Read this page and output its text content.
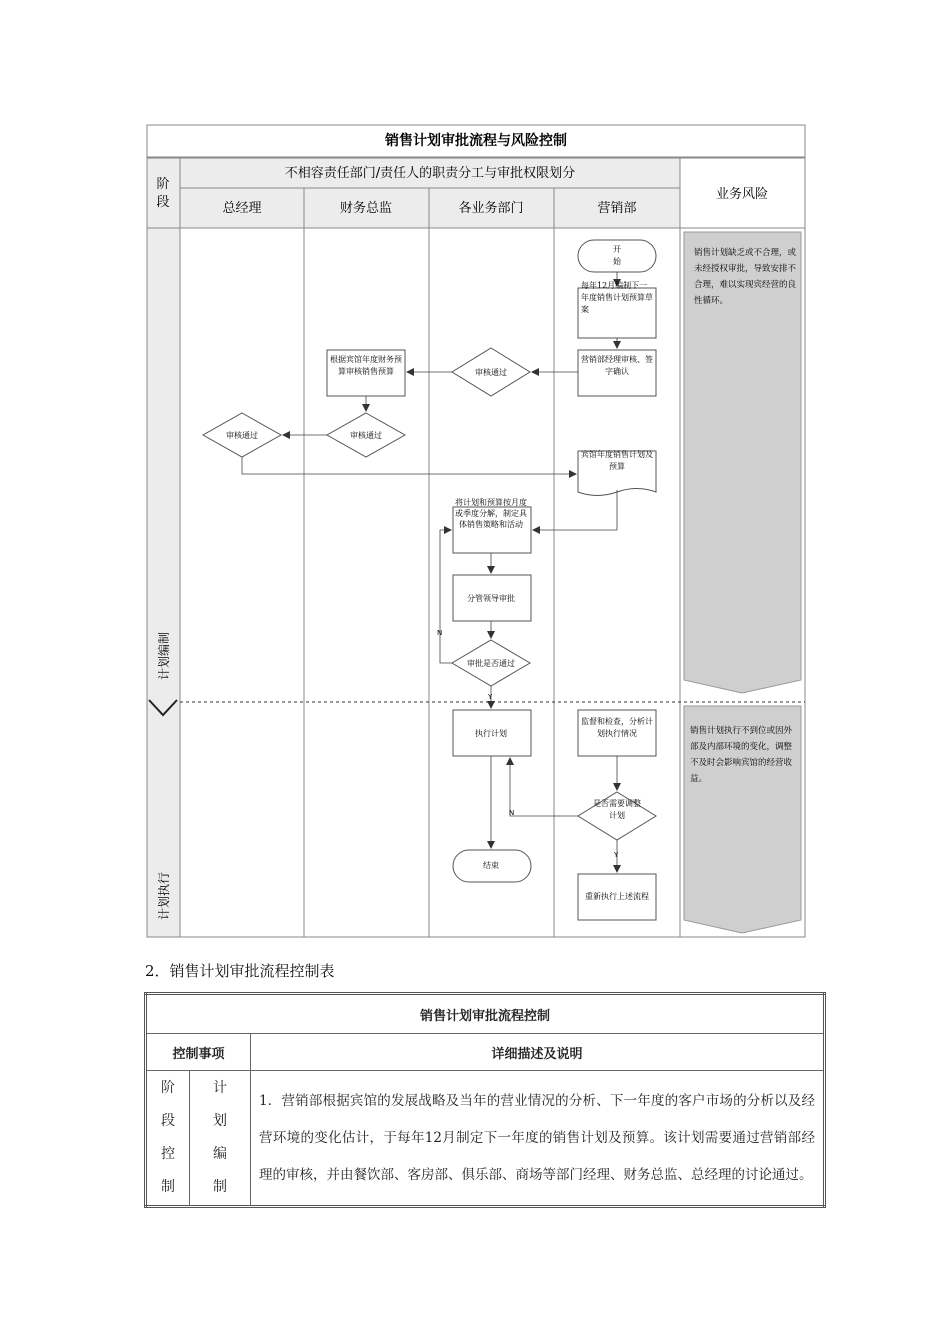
销售计划审批流程与风险控制
不相容责任部门/责任人的职责分工与审批权限划分
业务风险
阶
段	总经理	财务总监	各业务部门	营销部
计划编制
计划执行
销售计划缺乏或不合理，或
未经授权审批，导致安排不
合理，难以实现宾经营的良
性循环。
销售计划执行不到位或因外
部及内部环境的变化，调整
不及时会影响宾馆的经营收
益。
N
Y
N
Y
开
始
每年12月编制下一
年度销售计划预算草
案
营销部经理审核、签
字确认
审核通过
根据宾馆年度财务预
算审核销售预算
审核通过
审核通过
宾馆年度销售计划及
预算
将计划和预算按月度
或季度分解，制定具
体销售策略和活动
分管领导审批
审批是否通过
执行计划
监督和检查，分析计
划执行情况
是否需要调整
计划
结束
重新执行上述流程
2．销售计划审批流程控制表
销售计划审批流程控制		
控制事项		详细描述及说明

阶
段
控
制	计
划
编
制	1．营销部根据宾馆的发展战略及当年的营业情况的分析、下一年度的客户市场的分析以及经营环境的变化估计，于每年12月制定下一年度的销售计划及预算。该计划需要通过营销部经理的审核，并由餐饮部、客房部、俱乐部、商场等部门经理、财务总监、总经理的讨论通过。
